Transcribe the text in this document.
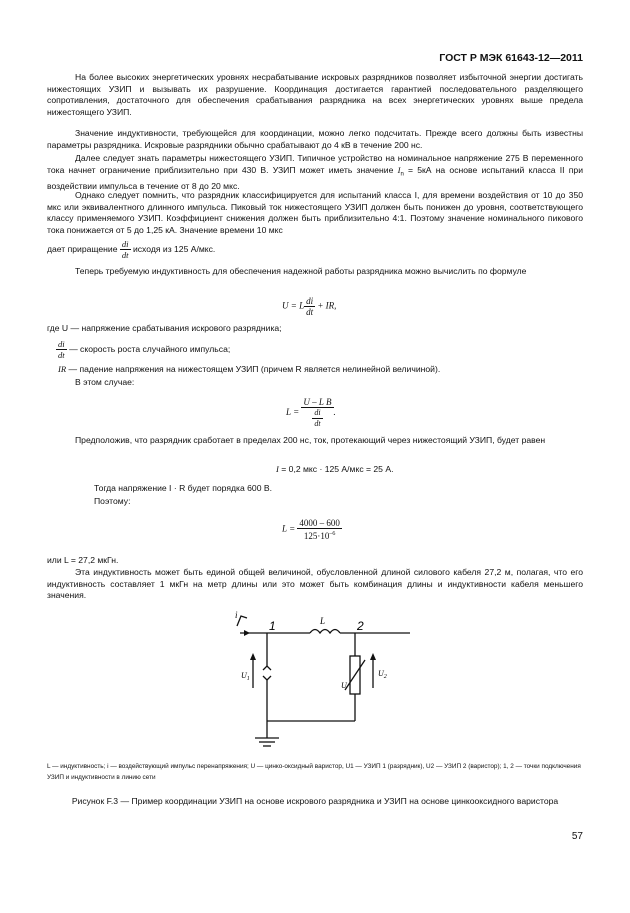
ГОСТ Р МЭК 61643-12—2011

На более высоких энергетических уровнях несрабатывание искровых разрядников позволяет избыточной энергии достигать нижестоящих УЗИП и вызывать их разрушение. Координация достигается гарантией последовательного разделяющего сопротивления, достаточного для обеспечения срабатывания разрядника на всех энергетических уровнях выше предела нижестоящего УЗИП.

Значение индуктивности, требующейся для координации, можно легко подсчитать. Прежде всего должны быть известны параметры разрядника. Искровые разрядники обычно срабатывают до 4 кВ в течение 200 нс.

Далее следует знать параметры нижестоящего УЗИП. Типичное устройство на номинальное напряжение 275 В переменного тока начнет ограничение приблизительно при 430 В. УЗИП может иметь значение $I_n = 5кА$ на основе испытаний класса II при воздействии импульса в течение от 8 до 20 мкс.

Однако следует помнить, что разрядник классифицируется для испытаний класса I, для времени воздействия от 10 до 350 мкс или эквивалентного длинного импульса. Пиковый ток нижестоящего УЗИП должен быть понижен до уровня, соответствующего классу применяемого УЗИП. Коэффициент снижения должен быть приблизительно 4:1. Поэтому значение номинального пикового тока понижается от 5 до 1,25 кА. Значение времени 10 мкс

дает приращение $\frac{di}{dt}$ исходя из 125 А/мкс.

Теперь требуемую индуктивность для обеспечения надежной работы разрядника можно вычислить по формуле

U = L $\frac{di}{dt}$ + IR,
где U — напряжение срабатывания искрового разрядника;
$\frac{di}{dt}$ — скорость роста случайного импульса;
IR — падение напряжения на нижестоящем УЗИП (причем R является нелинейной величиной).
В этом случае:
$L = \frac{\text{U – L B}}{\frac{di}{dt}}$ .

Предположив, что разрядник сработает в пределах 200 нс, ток, протекающий через нижестоящий УЗИП, будет равен

I = 0,2 мкс · 125 А/мкс = 25 А.
Тогда напряжение I · R будет порядка 600 В.
Поэтому:
$L = \frac{4000 - 600}{125\cdot 10^{-6}}$
или L = 27,2 мкГн.

Эта индуктивность может быть единой общей величиной, обусловленной длиной силового кабеля 27,2 м, полагая, что его индуктивность составляет 1 мкГн на метр длины или это может быть комбинация длины и индуктивности кабеля меньшего значения.

i
1	L	2
$U_1$
U
$U_2$
L — индуктивность; i — воздействующий импульс перенапряжения; U — цинко-оксидный варистор, U1 — УЗИП 1 (разрядник), U2 — УЗИП 2 (варистор); 1, 2 — точки подключения УЗИП и индуктивности в линию сети
Рисунок F.3 — Пример координации УЗИП на основе искрового разрядника и УЗИП на основе цинкооксидного варистора
57
